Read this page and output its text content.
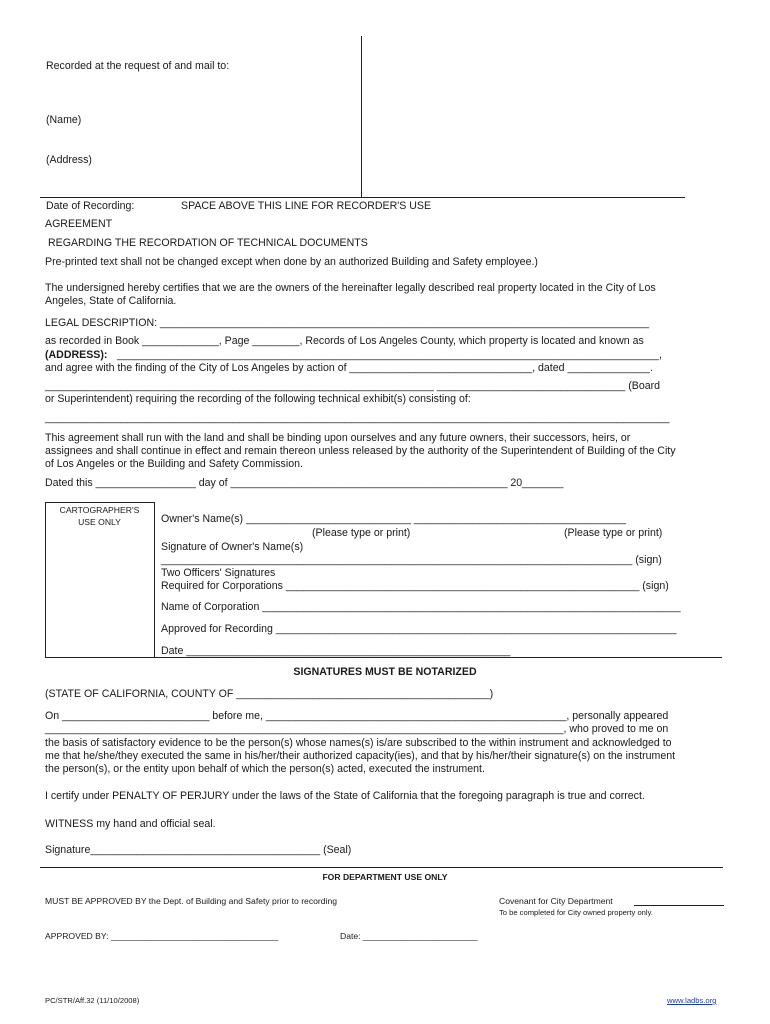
Recorded at the request of and mail to:
(Name)
(Address)
Date of Recording:	SPACE ABOVE THIS LINE FOR RECORDER'S USE
AGREEMENT
REGARDING THE RECORDATION OF TECHNICAL DOCUMENTS
Pre-printed text shall not be changed except when done by an authorized Building and Safety employee.)
The undersigned hereby certifies that we are the owners of the hereinafter legally described real property located in the City of Los
Angeles, State of California.
LEGAL DESCRIPTION: ___________________________________________________________________________________
as recorded in Book _____________, Page ________, Records of Los Angeles County, which property is located and known as
(ADDRESS): ____________________________________________________________________________________________,
and agree with the finding of the City of Los Angeles by action of _______________________________, dated ______________.
__________________________________________________________________ ________________________________ (Board
or Superintendent) requiring the recording of the following technical exhibit(s) consisting of:
__________________________________________________________________________________________________________
This agreement shall run with the land and shall be binding upon ourselves and any future owners, their successors, heirs, or
assignees and shall continue in effect and remain thereon unless released by the authority of the Superintendent of Building of the City
of Los Angeles or the Building and Safety Commission.
Dated this _________________ day of _______________________________________________ 20_______
CARTOGRAPHER'S
USE ONLY	Owner's Name(s) ____________________________ ____________________________________
(Please type or print)	(Please type or print)
Signature of Owner's Name(s)
________________________________________________________________________________ (sign)
Two Officers' Signatures
Required for Corporations ____________________________________________________________ (sign)
Name of Corporation _______________________________________________________________________
Approved for Recording ____________________________________________________________________
Date _______________________________________________________
SIGNATURES MUST BE NOTARIZED
(STATE OF CALIFORNIA, COUNTY OF ___________________________________________)
On _________________________ before me, ___________________________________________________, personally appeared
________________________________________________________________________________________, who proved to me on
the basis of satisfactory evidence to be the person(s) whose names(s) is/are subscribed to the within instrument and acknowledged to
me that he/she/they executed the same in his/her/their authorized capacity(ies), and that by his/her/their signature(s) on the instrument
the person(s), or the entity upon behalf of which the person(s) acted, executed the instrument.
I certify under PENALTY OF PERJURY under the laws of the State of California that the foregoing paragraph is true and correct.
WITNESS my hand and official seal.
Signature_______________________________________ (Seal)
FOR DEPARTMENT USE ONLY
MUST BE APPROVED BY the Dept. of Building and Safety prior to recording	Covenant for City Department
To be completed for City owned property only.
APPROVED BY: ___________________________________	Date: ________________________
PC/STR/Aff.32 (11/10/2008)	www.ladbs.org
